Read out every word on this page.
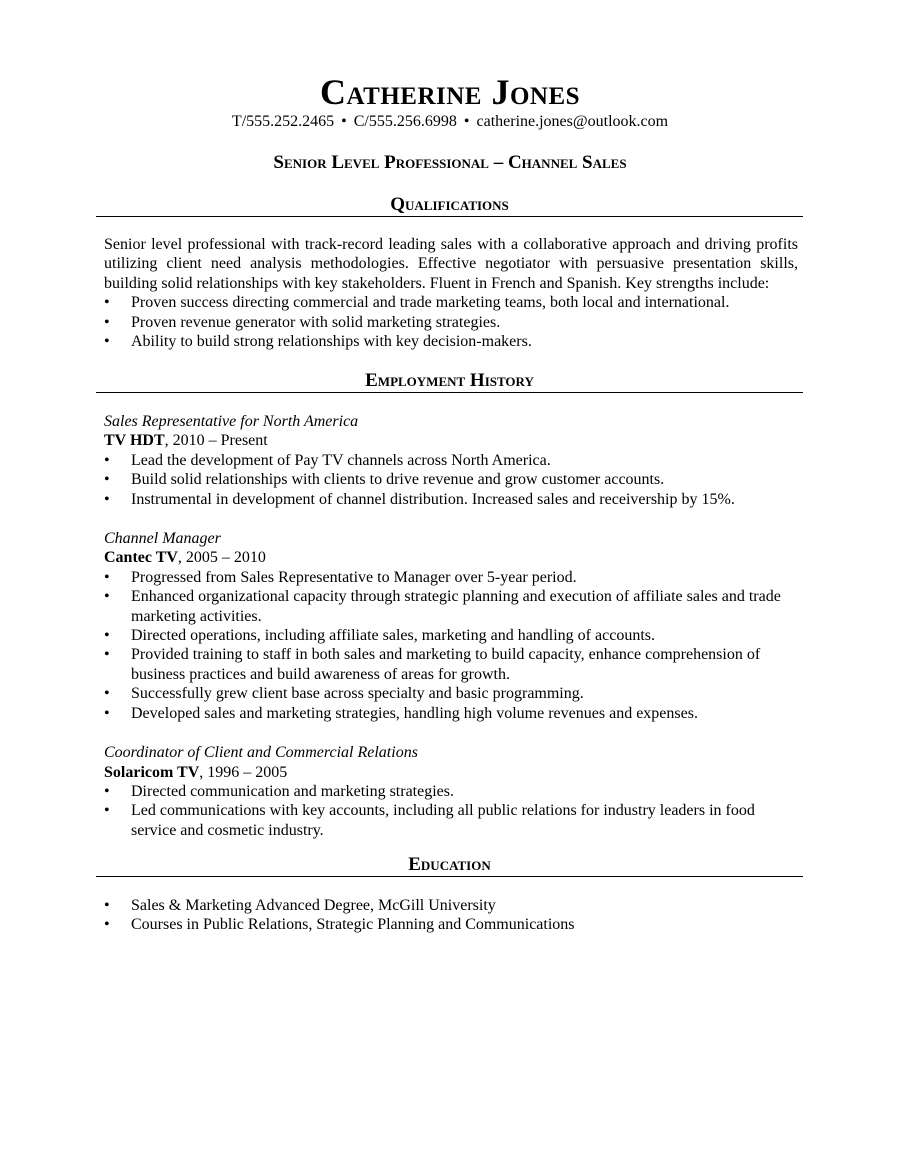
Catherine Jones
T/555.252.2465 • C/555.256.6998 • catherine.jones@outlook.com
Senior Level Professional – Channel Sales
Qualifications
Senior level professional with track-record leading sales with a collaborative approach and driving profits utilizing client need analysis methodologies. Effective negotiator with persuasive presentation skills, building solid relationships with key stakeholders. Fluent in French and Spanish. Key strengths include:
• Proven success directing commercial and trade marketing teams, both local and international.
• Proven revenue generator with solid marketing strategies.
• Ability to build strong relationships with key decision-makers.
Employment History
Sales Representative for North America
TV HDT, 2010 – Present
• Lead the development of Pay TV channels across North America.
• Build solid relationships with clients to drive revenue and grow customer accounts.
• Instrumental in development of channel distribution. Increased sales and receivership by 15%.
Channel Manager
Cantec TV, 2005 – 2010
• Progressed from Sales Representative to Manager over 5-year period.
• Enhanced organizational capacity through strategic planning and execution of affiliate sales and trade marketing activities.
• Directed operations, including affiliate sales, marketing and handling of accounts.
• Provided training to staff in both sales and marketing to build capacity, enhance comprehension of business practices and build awareness of areas for growth.
• Successfully grew client base across specialty and basic programming.
• Developed sales and marketing strategies, handling high volume revenues and expenses.
Coordinator of Client and Commercial Relations
Solaricom TV, 1996 – 2005
• Directed communication and marketing strategies.
• Led communications with key accounts, including all public relations for industry leaders in food service and cosmetic industry.
Education
• Sales & Marketing Advanced Degree, McGill University
• Courses in Public Relations, Strategic Planning and Communications
